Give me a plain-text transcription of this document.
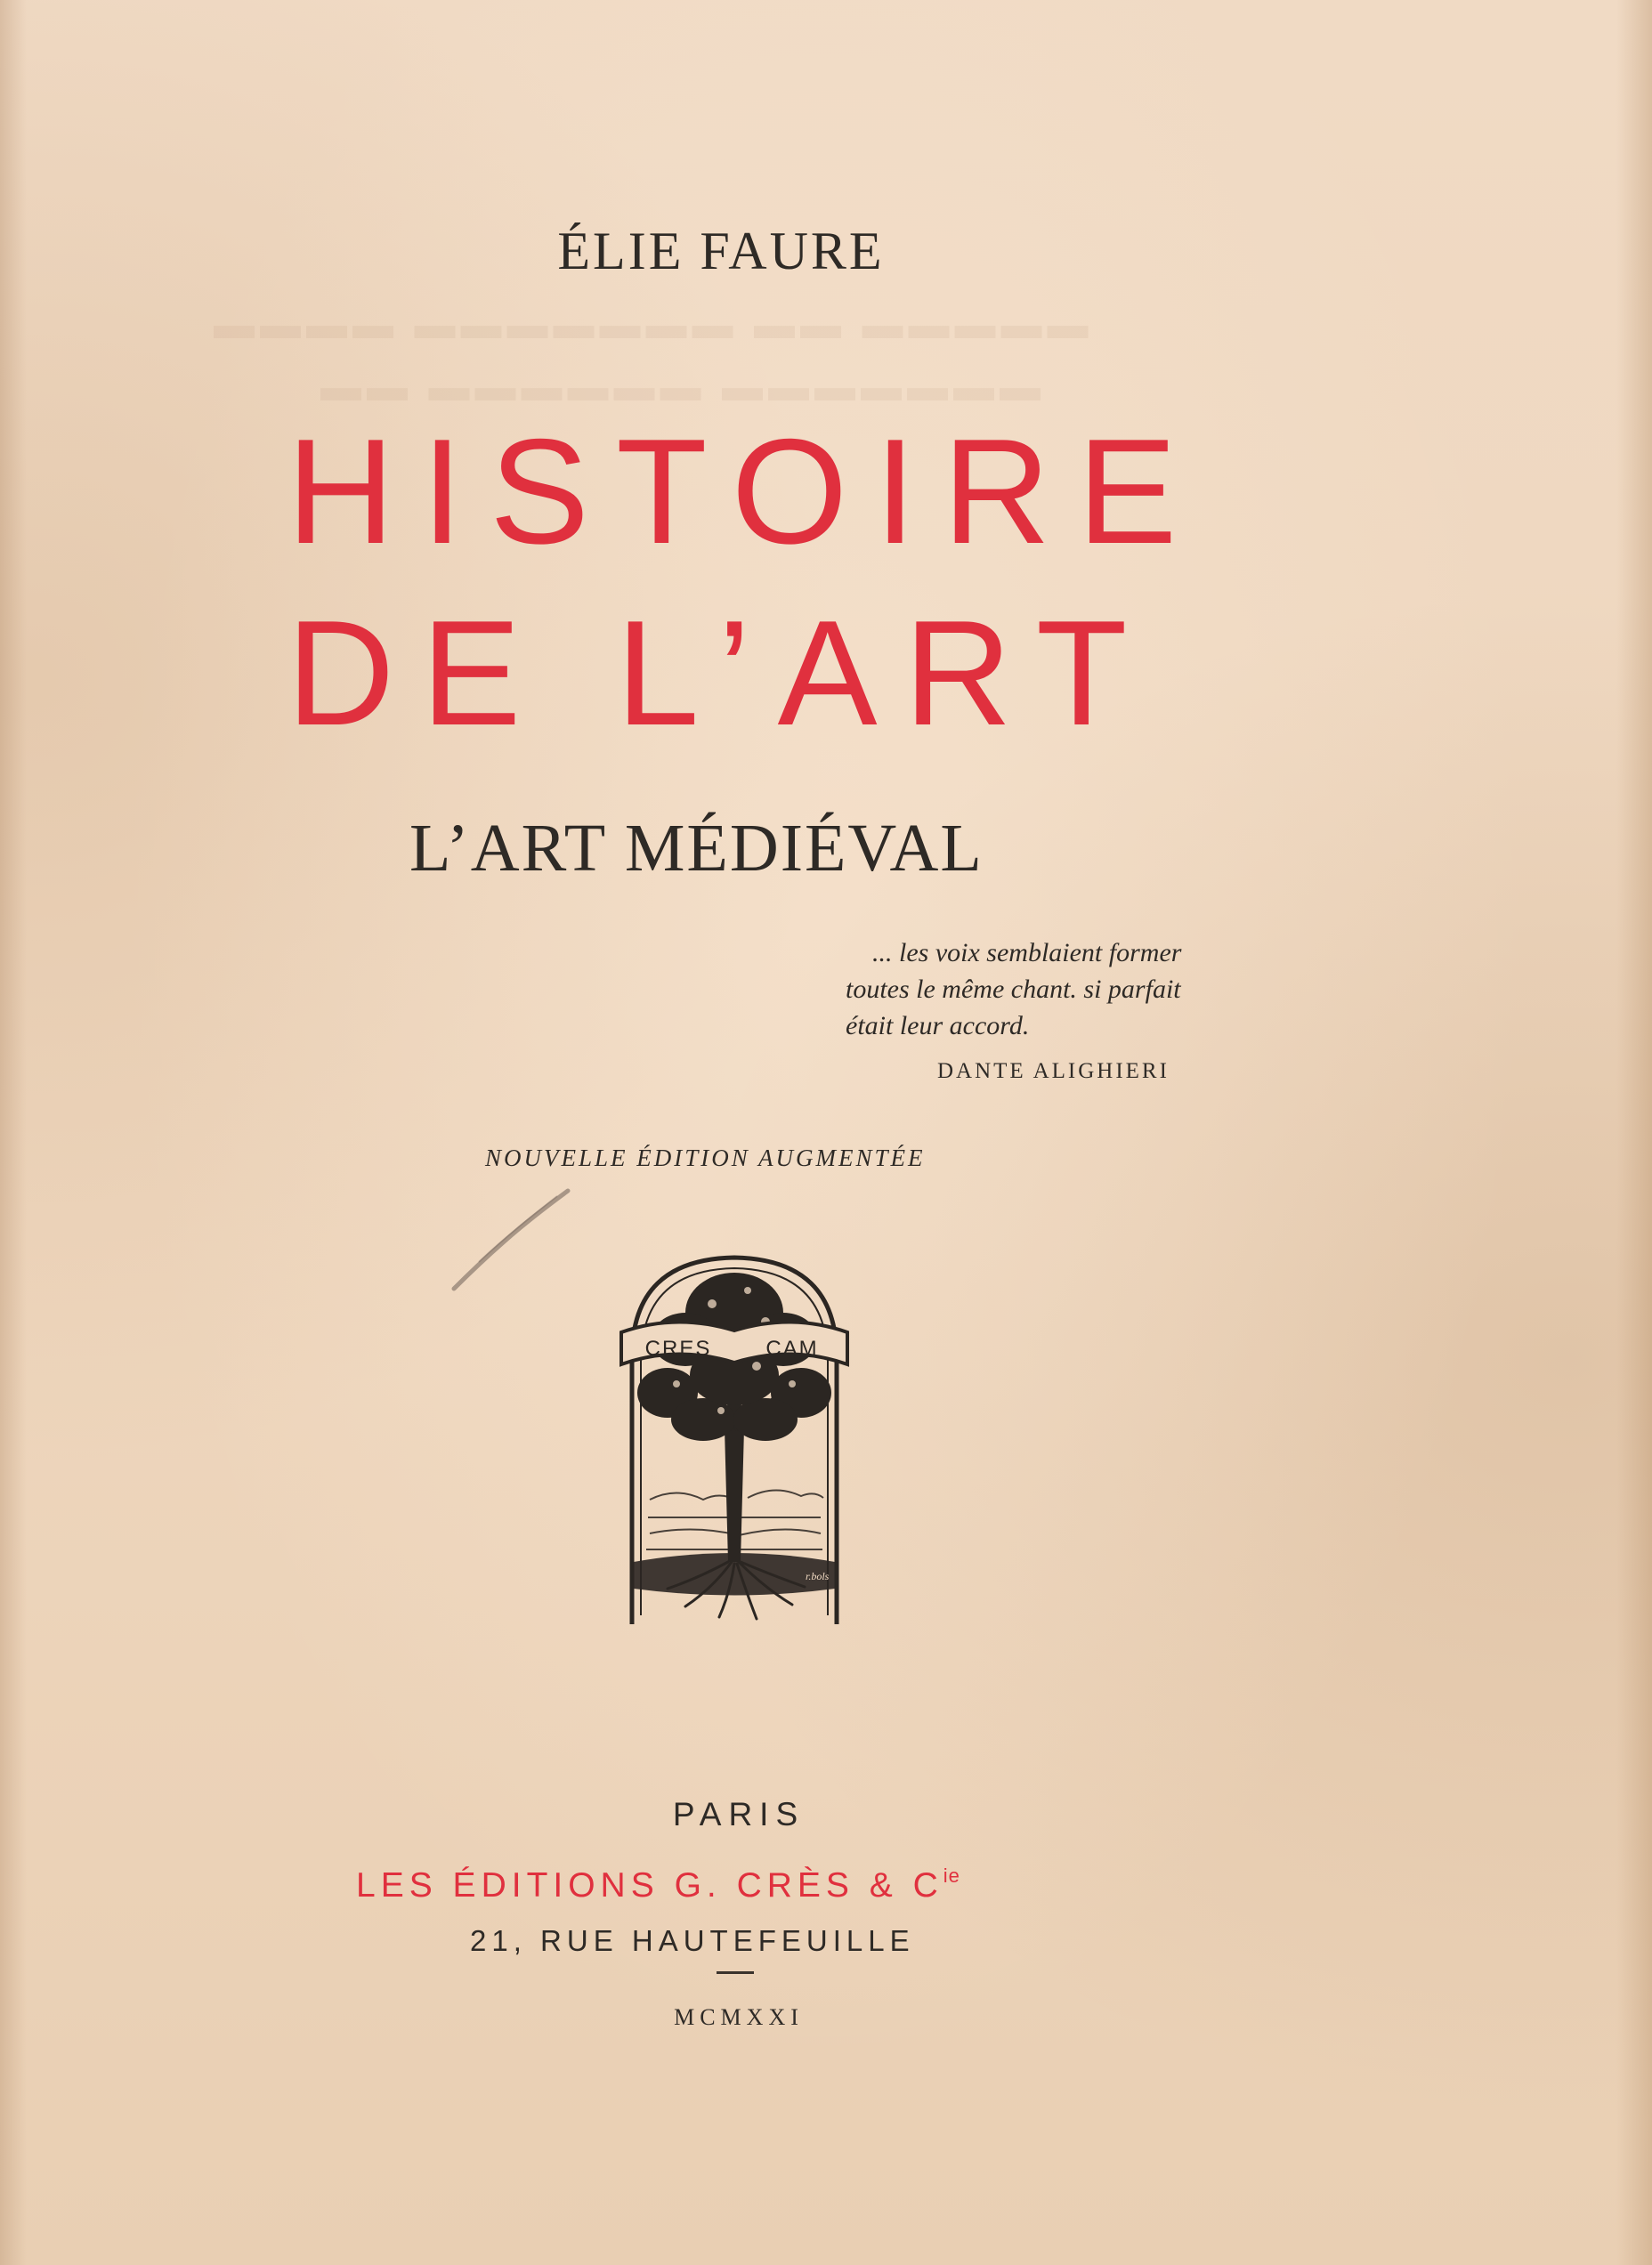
▬▬▬▬ ▬▬▬▬▬▬▬ ▬▬ ▬▬▬▬▬
▬▬ ▬▬▬▬▬▬ ▬▬▬▬▬▬▬

ÉLIE FAURE

HISTOIRE
DE L’ART
L’ART MÉDIÉVAL
... les voix semblaient former
toutes le même chant. si parfait
était leur accord.

DANTE ALIGHIERI

NOUVELLE ÉDITION AUGMENTÉE

CRES	CAM
r.bols

PARIS

LES ÉDITIONS G. CRÈS & $C^{ie}$

21, RUE HAUTEFEUILLE

MCMXXI
